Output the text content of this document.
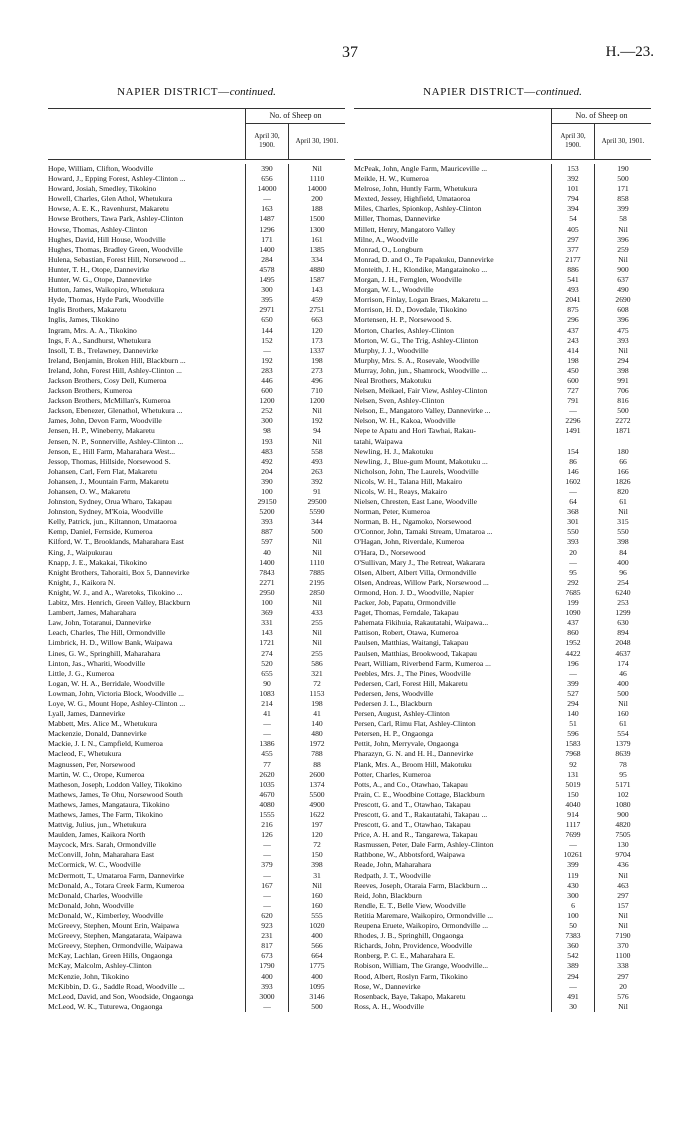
37	H.—23.
NAPIER DISTRICT—continued.
No. of Sheep on
April 30, 1900.
April 30, 1901.
Hope, William, Clifton, Woodville	390	Nil
Howard, J., Epping Forest, Ashley-Clinton ...	656	1110
Howard, Josiah, Smedley, Tikokino	14000	14000
Howell, Charles, Glen Athol, Whetukura	—	200
Howse, A. E. K., Ravenhurst, Makaretu	163	188
Howse Brothers, Tawa Park, Ashley-Clinton	1487	1500
Howse, Thomas, Ashley-Clinton	1296	1300
Hughes, David, Hill House, Woodville	171	161
Hughes, Thomas, Bradley Green, Woodville	1400	1385
Hulena, Sebastian, Forest Hill, Norsewood ...	284	334
Hunter, T. H., Otope, Dannevirke	4578	4880
Hunter, W. G., Otope, Dannevirke	1495	1587
Hutton, James, Waikopiro, Whetukura	300	143
Hyde, Thomas, Hyde Park, Woodville	395	459
Inglis Brothers, Makaretu	2971	2751
Inglis, James, Tikokino	650	663
Ingram, Mrs. A. A., Tikokino	144	120
Ings, F. A., Sandhurst, Whetukura	152	173
Insoll, T. B., Trelawney, Dannevirke	—	1337
Ireland, Benjamin, Broken Hill, Blackburn ...	192	198
Ireland, John, Forest Hill, Ashley-Clinton ...	283	273
Jackson Brothers, Cosy Dell, Kumeroa	446	496
Jackson Brothers, Kumeroa	600	710
Jackson Brothers, McMillan's, Kumeroa	1200	1200
Jackson, Ebenezer, Glenathol, Whetukura ...	252	Nil
James, John, Devon Farm, Woodville	300	192
Jensen, H. P., Wineberry, Makaretu	98	94
Jensen, N. P., Sonnerville, Ashley-Clinton ...	193	Nil
Jenson, E., Hill Farm, Maharahara West...	483	558
Jessop, Thomas, Hillside, Norsewood S.	492	493
Johansen, Carl, Fern Flat, Makaretu	204	263
Johansen, J., Mountain Farm, Makaretu	390	392
Johansen, O. W., Makaretu	100	91
Johnston, Sydney, Orua Wharo, Takapau	29150	29500
Johnston, Sydney, M'Koia, Woodville	5200	5590
Kelly, Patrick, jun., Kiltannon, Umataoroa	393	344
Kemp, Daniel, Fernside, Kumeroa	887	500
Kilford, W. T., Brooklands, Maharahara East	597	Nil
King, J., Waipukurau	40	Nil
Knapp, J. E., Makakai, Tikokino	1400	1110
Knight Brothers, Tahoraiti, Box 5, Dannevirke	7843	7885
Knight, J., Kaikora N.	2271	2195
Knight, W. J., and A., Waretoks, Tikokino ...	2950	2850
Labitz, Mrs. Henrich, Green Valley, Blackburn	100	Nil
Lambert, James, Maharahara	369	433
Law, John, Totaranui, Dannevirke	331	255
Leach, Charles, The Hill, Ormondville	143	Nil
Limbrick, H. D., Willow Bank, Waipawa	1721	Nil
Lines, G. W., Springhill, Maharahara	274	255
Linton, Jas., Whariti, Woodville	520	586
Little, J. G., Kumeroa	655	321
Logan, W. H. A., Berridale, Woodville	90	72
Lowman, John, Victoria Block, Woodville ...	1083	1153
Loye, W. G., Mount Hope, Ashley-Clinton ...	214	198
Lyall, James, Dannevirke	41	41
Mabbett, Mrs. Alice M., Whetukura	—	140
Mackenzie, Donald, Dannevirke	—	480
Mackie, J. I. N., Campfield, Kumeroa	1386	1972
Macleod, F., Whetukura	455	788
Magnussen, Per, Norsewood	77	88
Martin, W. C., Orope, Kumeroa	2620	2600
Matheson, Joseph, Loddon Valley, Tikokino	1035	1374
Mathews, James, Te Ohu, Norsewood South	4670	5500
Mathews, James, Mangataura, Tikokino	4080	4900
Mathews, James, The Farm, Tikokino	1555	1622
Mattvig, Julius, jun., Whetukura	216	197
Maulden, James, Kaikora North	126	120
Maycock, Mrs. Sarah, Ormondville	—	72
McConvill, John, Maharahara East	—	150
McCormick, W. C., Woodville	379	398
McDermott, T., Umataroa Farm, Dannevirke	—	31
McDonald, A., Totara Creek Farm, Kumeroa	167	Nil
McDonald, Charles, Woodville	—	160
McDonald, John, Woodville	—	160
McDonald, W., Kimberley, Woodville	620	555
McGreevy, Stephen, Mount Erin, Waipawa	923	1020
McGreevy, Stephen, Mangatarata, Waipawa	231	400
McGreevy, Stephen, Ormondville, Waipawa	817	566
McKay, Lachlan, Green Hills, Ongaonga	673	664
McKay, Malcolm, Ashley-Clinton	1790	1775
McKenzie, John, Tikokino	400	400
McKibbin, D. G., Saddle Road, Woodville ...	393	1095
McLeod, David, and Son, Woodside, Ongaonga	3000	3146
McLeod, W. K., Tuturewa, Ongaonga	—	500
NAPIER DISTRICT—continued.
No. of Sheep on
April 30, 1900.
April 30, 1901.
McPeak, John, Angle Farm, Mauriceville ...	153	190
Meikle, H. W., Kumeroa	392	500
Melrose, John, Huntly Farm, Whetukura	101	171
Mexted, Jessey, Highfield, Umataoroa	794	858
Miles, Charles, Spionkop, Ashley-Clinton	394	399
Miller, Thomas, Dannevirke	54	58
Millett, Henry, Mangatoro Valley	405	Nil
Milne, A., Woodville	297	396
Monrad, O., Longburn	377	259
Monrad, D. and O., Te Papakuku, Dannevirke	2177	Nil
Monteith, J. H., Klondike, Mangatainoko ...	886	900
Morgan, J. H., Fernglen, Woodville	541	637
Morgan, W. L., Woodville	493	490
Morrison, Finlay, Logan Braes, Makaretu ...	2041	2690
Morrison, H. D., Dovedale, Tikokino	875	608
Mortensen, H. P., Norsewood S.	296	396
Morton, Charles, Ashley-Clinton	437	475
Morton, W. G., The Trig, Ashley-Clinton	243	393
Murphy, J. J., Woodville	414	Nil
Murphy, Mrs. S. A., Rosevale, Woodville	198	294
Murray, John, jun., Shamrock, Woodville ...	450	398
Neal Brothers, Makotuku	600	991
Nelsen, Meikael, Fair View, Ashley-Clinton	727	706
Nelsen, Sven, Ashley-Clinton	791	816
Nelson, E., Mangatoro Valley, Dannevirke ...	—	500
Nelson, W. H., Kakoa, Woodville	2296	2272
Nepe te Apatu and Hori Tawhai, Rakau-	1491	1871
tatahi, Waipawa
Newling, H. J., Makotuku	154	180
Newling, J., Blue-gum Mount, Makotuku ...	86	66
Nicholson, John, The Laurels, Woodville	146	166
Nicols, W. H., Talana Hill, Makairo	1602	1826
Nicols, W. H., Reays, Makairo	—	820
Nielsen, Chresten, East Lane, Woodville	64	61
Norman, Peter, Kumeroa	368	Nil
Norman, B. H., Ngamoko, Norsewood	301	315
O'Connor, John, Tamaki Stream, Umataroa ...	550	550
O'Hagan, John, Riverdale, Kumeroa	393	398
O'Hara, D., Norsewood	20	84
O'Sullivan, Mary J., The Retreat, Wakarara	—	400
Olsen, Albert, Albert Villa, Ormondville	95	96
Olsen, Andreas, Willow Park, Norsewood ...	292	254
Ormond, Hon. J. D., Woodville, Napier	7685	6240
Packer, Job, Papatu, Ormondville	199	253
Paget, Thomas, Ferndale, Takapau	1090	1299
Pahemata Fikihuia, Rakautatahi, Waipawa...	437	630
Pattison, Robert, Otawa, Kumeroa	860	894
Paulsen, Matthias, Waitangi, Takapau	1952	2048
Paulsen, Matthias, Brookwood, Takapau	4422	4637
Peart, William, Riverbend Farm, Kumeroa ...	196	174
Peebles, Mrs. J., The Pines, Woodville	—	46
Pedersen, Carl, Forest Hill, Makaretu	399	400
Pedersen, Jens, Woodville	527	500
Pedersen J. L., Blackburn	294	Nil
Persen, August, Ashley-Clinton	140	160
Persen, Carl, Rimu Flat, Ashley-Clinton	51	61
Petersen, H. P., Ongaonga	596	554
Pettit, John, Merryvale, Ongaonga	1583	1379
Pharazyn, G. N. and H. H., Dannevirke	7968	8639
Plank, Mrs. A., Broom Hill, Makotuku	92	78
Potter, Charles, Kumeroa	131	95
Potts, A., and Co., Otawhao, Takapau	5019	5171
Prain, C. E., Woodbine Cottage, Blackburn	150	102
Prescott, G. and T., Otawhao, Takapau	4040	1080
Prescott, G. and T., Rakautatahi, Takapau ...	914	900
Prescott, G. and T., Otawhao, Takapau	1117	4820
Price, A. H. and R., Tangarewa, Takapau	7699	7505
Rasmussen, Peter, Dale Farm, Ashley-Clinton	—	130
Rathbone, W., Abbotsford, Waipawa	10261	9704
Reade, John, Maharahara	399	436
Redpath, J. T., Woodville	119	Nil
Reeves, Joseph, Otaraia Farm, Blackburn ...	430	463
Reid, John, Blackburn	300	297
Rendle, E. T., Belle View, Woodville	6	157
Retitia Maremare, Waikopiro, Ormondville ...	100	Nil
Reupena Eruete, Waikopiro, Ormondville ...	50	Nil
Rhodes, J. B., Springhill, Ongaonga	7383	7190
Richards, John, Providence, Woodville	360	370
Ronberg, P. C. E., Maharahara E.	542	1100
Robison, William, The Grange, Woodville...	389	338
Rood, Albert, Roslyn Farm, Tikokino	294	297
Rose, W., Dannevirke	—	20
Rosenback, Baye, Takapo, Makaretu	491	576
Ross, A. H., Woodville	30	Nil
